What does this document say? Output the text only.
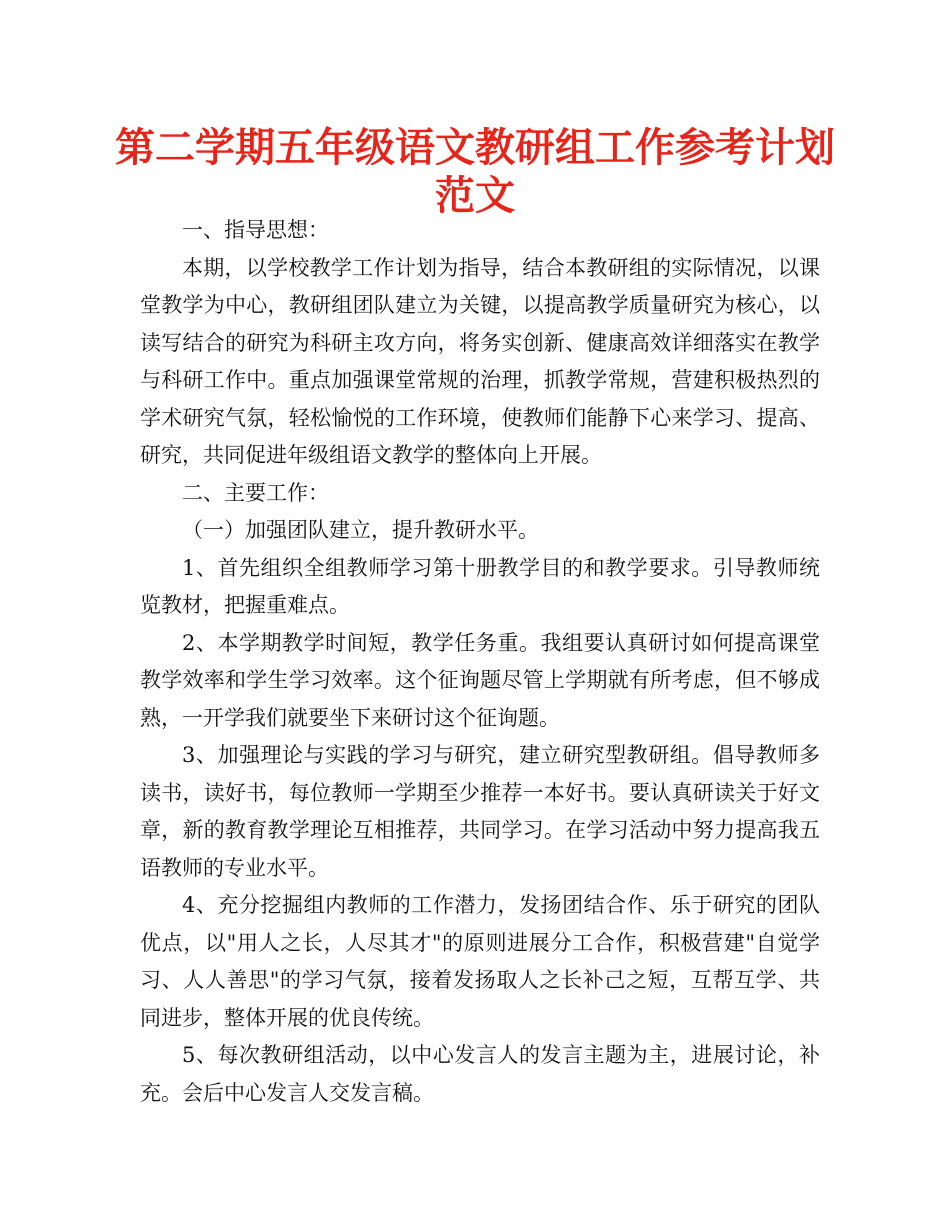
第二学期五年级语文教研组工作参考计划
范文

一、指导思想：

本期，以学校教学工作计划为指导，结合本教研组的实际情况，以课堂教学为中心，教研组团队建立为关键，以提高教学质量研究为核心，以读写结合的研究为科研主攻方向，将务实创新、健康高效详细落实在教学与科研工作中。重点加强课堂常规的治理，抓教学常规，营建积极热烈的学术研究气氛，轻松愉悦的工作环境，使教师们能静下心来学习、提高、研究，共同促进年级组语文教学的整体向上开展。

二、主要工作：

（一）加强团队建立，提升教研水平。

1、首先组织全组教师学习第十册教学目的和教学要求。引导教师统览教材，把握重难点。

2、本学期教学时间短，教学任务重。我组要认真研讨如何提高课堂教学效率和学生学习效率。这个征询题尽管上学期就有所考虑，但不够成熟，一开学我们就要坐下来研讨这个征询题。

3、加强理论与实践的学习与研究，建立研究型教研组。倡导教师多读书，读好书，每位教师一学期至少推荐一本好书。要认真研读关于好文章，新的教育教学理论互相推荐，共同学习。在学习活动中努力提高我五语教师的专业水平。

4、充分挖掘组内教师的工作潜力，发扬团结合作、乐于研究的团队优点，以"用人之长，人尽其才"的原则进展分工合作，积极营建"自觉学习、人人善思"的学习气氛，接着发扬取人之长补己之短，互帮互学、共同进步，整体开展的优良传统。

5、每次教研组活动，以中心发言人的发言主题为主，进展讨论，补充。会后中心发言人交发言稿。
